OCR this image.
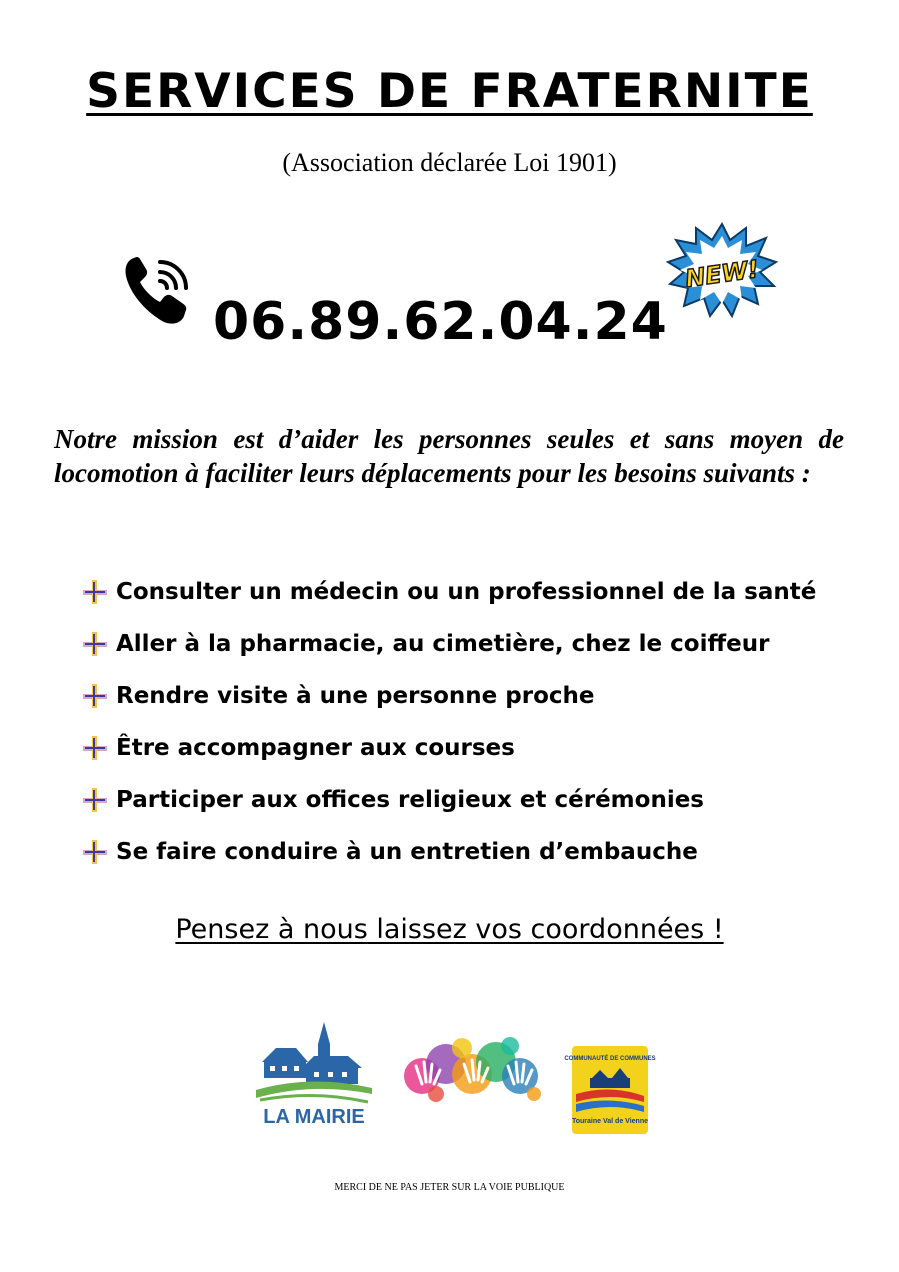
SERVICES DE FRATERNITE
(Association déclarée Loi 1901)
06.89.62.04.24
NEW!
Notre mission est d’aider les personnes seules et sans moyen de locomotion à faciliter leurs déplacements pour les besoins suivants :
Consulter un médecin ou un professionnel de la santé
Aller à la pharmacie, au cimetière, chez le coiffeur
Rendre visite à une personne proche
Être accompagner aux courses
Participer aux offices religieux et cérémonies
Se faire conduire à un entretien d’embauche
Pensez à nous laissez vos coordonnées !
LA MAIRIE
COMMUNAUTÉ DE COMMUNES
Touraine Val de Vienne
MERCI DE NE PAS JETER SUR LA VOIE PUBLIQUE
